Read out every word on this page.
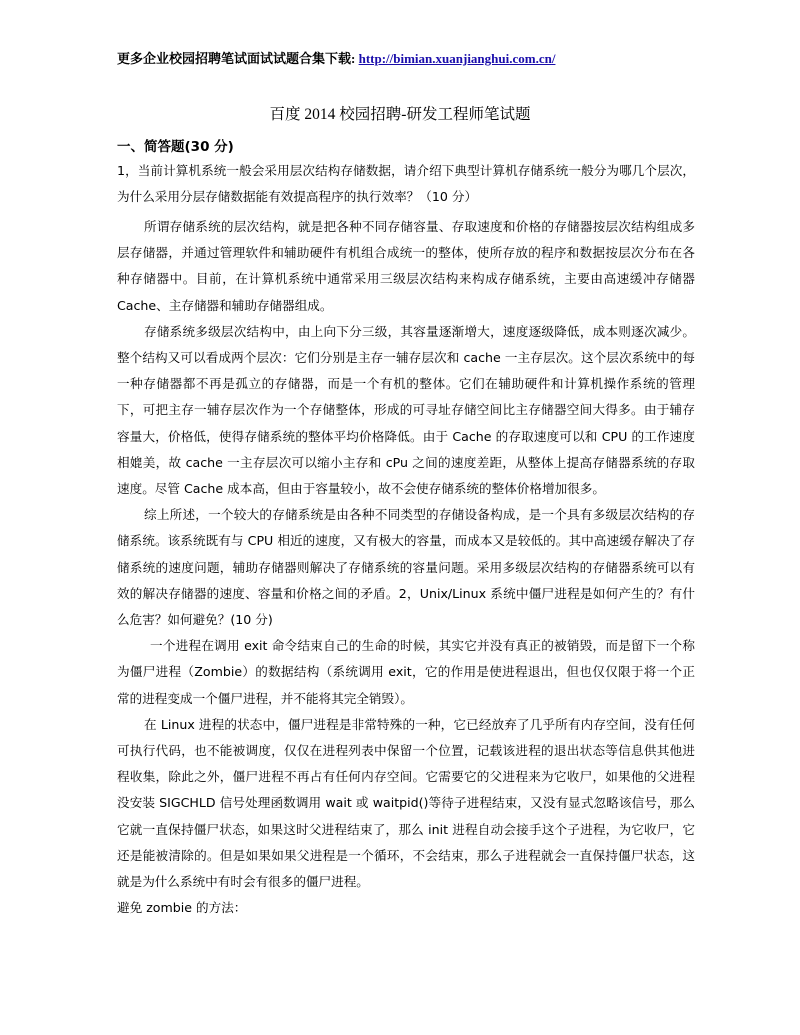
更多企业校园招聘笔试面试试题合集下载: http://bimian.xuanjianghui.com.cn/
百度 2014 校园招聘-研发工程师笔试题
一、简答题(30 分)

1，当前计算机系统一般会采用层次结构存储数据，请介绍下典型计算机存储系统一般分为哪几个层次，为什么采用分层存储数据能有效提高程序的执行效率？（10 分）

所谓存储系统的层次结构，就是把各种不同存储容量、存取速度和价格的存储器按层次结构组成多层存储器，并通过管理软件和辅助硬件有机组合成统一的整体，使所存放的程序和数据按层次分布在各种存储器中。目前，在计算机系统中通常采用三级层次结构来构成存储系统，主要由高速缓冲存储器 Cache、主存储器和辅助存储器组成。

存储系统多级层次结构中，由上向下分三级，其容量逐渐增大，速度逐级降低，成本则逐次减少。整个结构又可以看成两个层次：它们分别是主存一辅存层次和 cache 一主存层次。这个层次系统中的每一种存储器都不再是孤立的存储器，而是一个有机的整体。它们在辅助硬件和计算机操作系统的管理下，可把主存一辅存层次作为一个存储整体，形成的可寻址存储空间比主存储器空间大得多。由于辅存容量大，价格低，使得存储系统的整体平均价格降低。由于 Cache 的存取速度可以和 CPU 的工作速度相媲美，故 cache 一主存层次可以缩小主存和 cPu 之间的速度差距，从整体上提高存储器系统的存取速度。尽管 Cache 成本高，但由于容量较小，故不会使存储系统的整体价格增加很多。

综上所述，一个较大的存储系统是由各种不同类型的存储设备构成，是一个具有多级层次结构的存储系统。该系统既有与 CPU 相近的速度，又有极大的容量，而成本又是较低的。其中高速缓存解决了存储系统的速度问题，辅助存储器则解决了存储系统的容量问题。采用多级层次结构的存储器系统可以有效的解决存储器的速度、容量和价格之间的矛盾。2，Unix/Linux 系统中僵尸进程是如何产生的？有什么危害？如何避免？(10 分)

一个进程在调用 exit 命令结束自己的生命的时候，其实它并没有真正的被销毁，而是留下一个称为僵尸进程（Zombie）的数据结构（系统调用 exit，它的作用是使进程退出，但也仅仅限于将一个正常的进程变成一个僵尸进程，并不能将其完全销毁）。

在 Linux 进程的状态中，僵尸进程是非常特殊的一种，它已经放弃了几乎所有内存空间，没有任何可执行代码，也不能被调度，仅仅在进程列表中保留一个位置，记载该进程的退出状态等信息供其他进程收集，除此之外，僵尸进程不再占有任何内存空间。它需要它的父进程来为它收尸，如果他的父进程没安装 SIGCHLD 信号处理函数调用 wait 或 waitpid()等待子进程结束，又没有显式忽略该信号，那么它就一直保持僵尸状态，如果这时父进程结束了，那么 init 进程自动会接手这个子进程，为它收尸，它还是能被清除的。但是如果如果父进程是一个循环，不会结束，那么子进程就会一直保持僵尸状态，这就是为什么系统中有时会有很多的僵尸进程。

避免 zombie 的方法：
